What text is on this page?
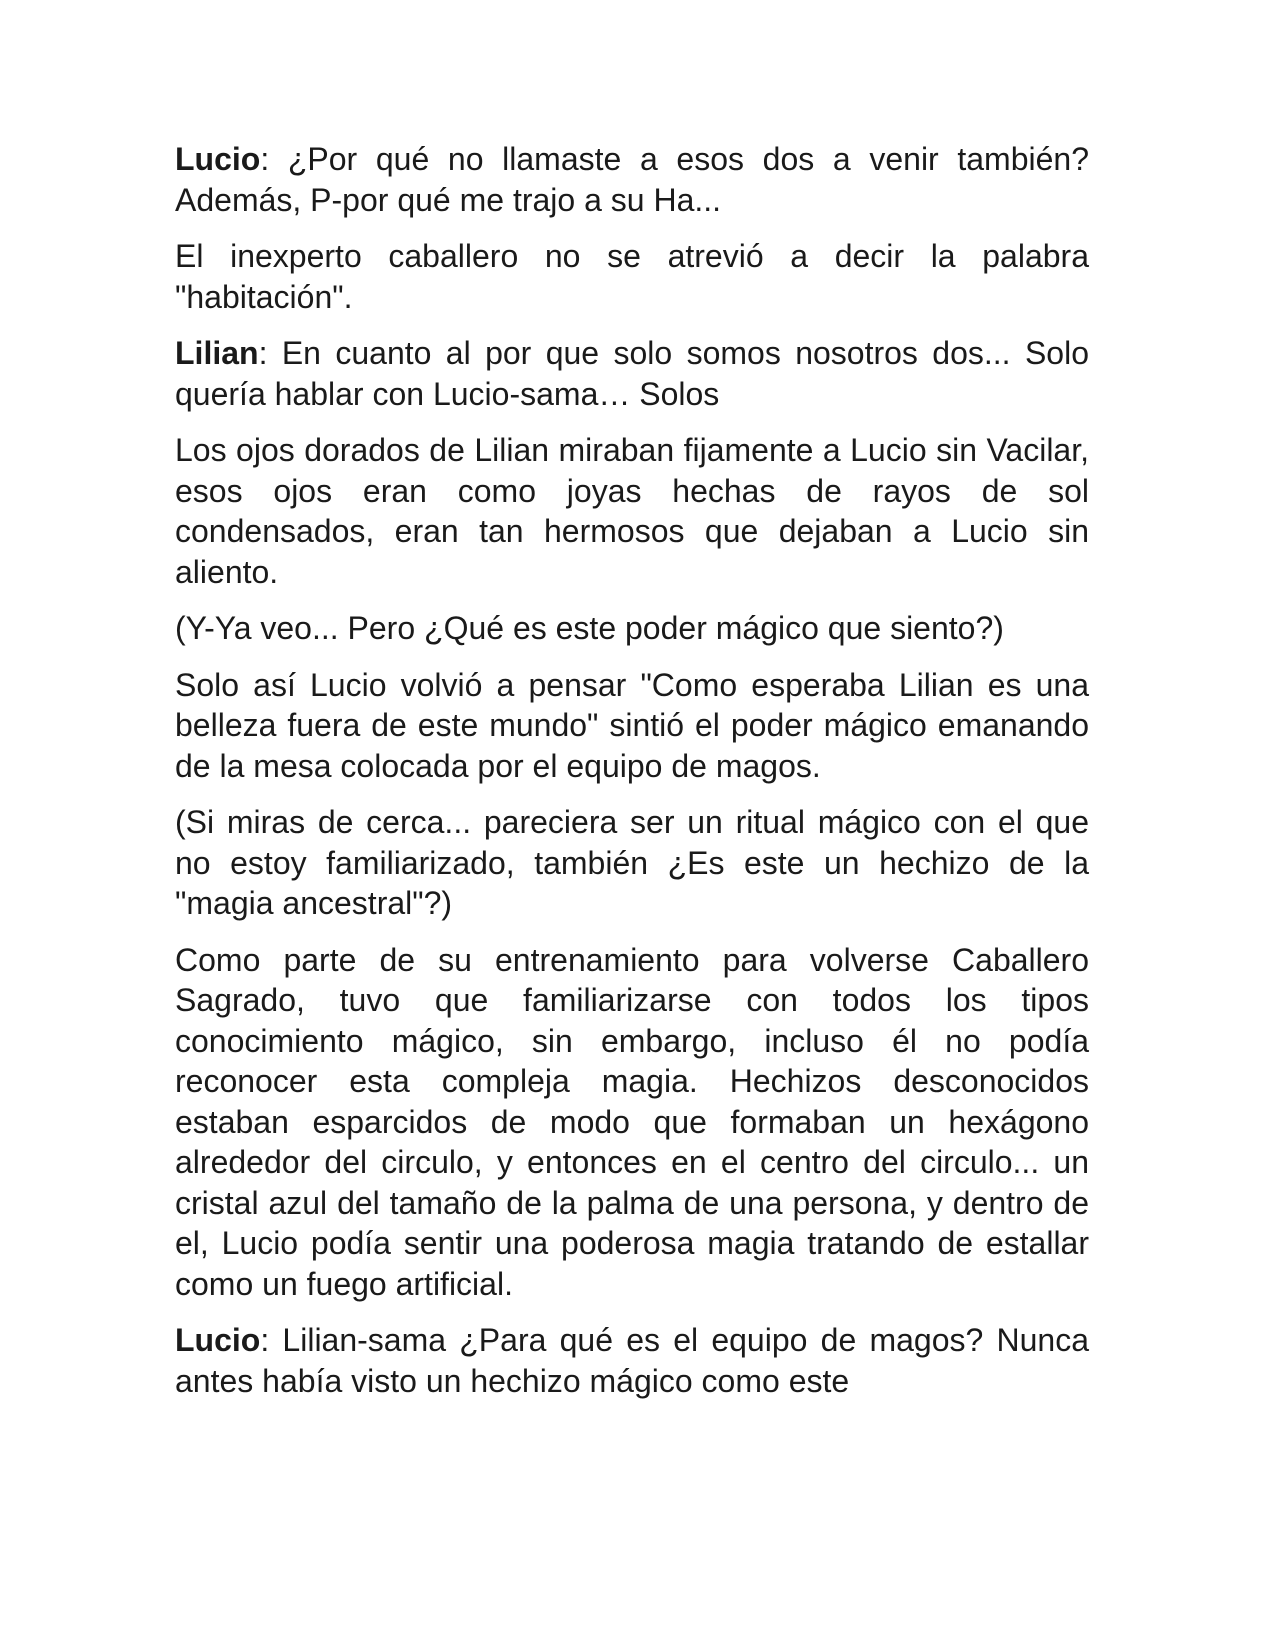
Lucio: ¿Por qué no llamaste a esos dos a venir también? Además, P-por qué me trajo a su Ha...

El inexperto caballero no se atrevió a decir la palabra "habitación".

Lilian: En cuanto al por que solo somos nosotros dos... Solo quería hablar con Lucio-sama… Solos

Los ojos dorados de Lilian miraban fijamente a Lucio sin Vacilar, esos ojos eran como joyas hechas de rayos de sol condensados, eran tan hermosos que dejaban a Lucio sin aliento.

(Y-Ya veo... Pero ¿Qué es este poder mágico que siento?)

Solo así Lucio volvió a pensar "Como esperaba Lilian es una belleza fuera de este mundo" sintió el poder mágico emanando de la mesa colocada por el equipo de magos.

(Si miras de cerca... pareciera ser un ritual mágico con el que no estoy familiarizado, también ¿Es este un hechizo de la "magia ancestral"?)

Como parte de su entrenamiento para volverse Caballero Sagrado, tuvo que familiarizarse con todos los tipos conocimiento mágico, sin embargo, incluso él no podía reconocer esta compleja magia. Hechizos desconocidos estaban esparcidos de modo que formaban un hexágono alrededor del circulo, y entonces en el centro del circulo... un cristal azul del tamaño de la palma de una persona, y dentro de el, Lucio podía sentir una poderosa magia tratando de estallar como un fuego artificial.

Lucio: Lilian-sama ¿Para qué es el equipo de magos? Nunca antes había visto un hechizo mágico como este
